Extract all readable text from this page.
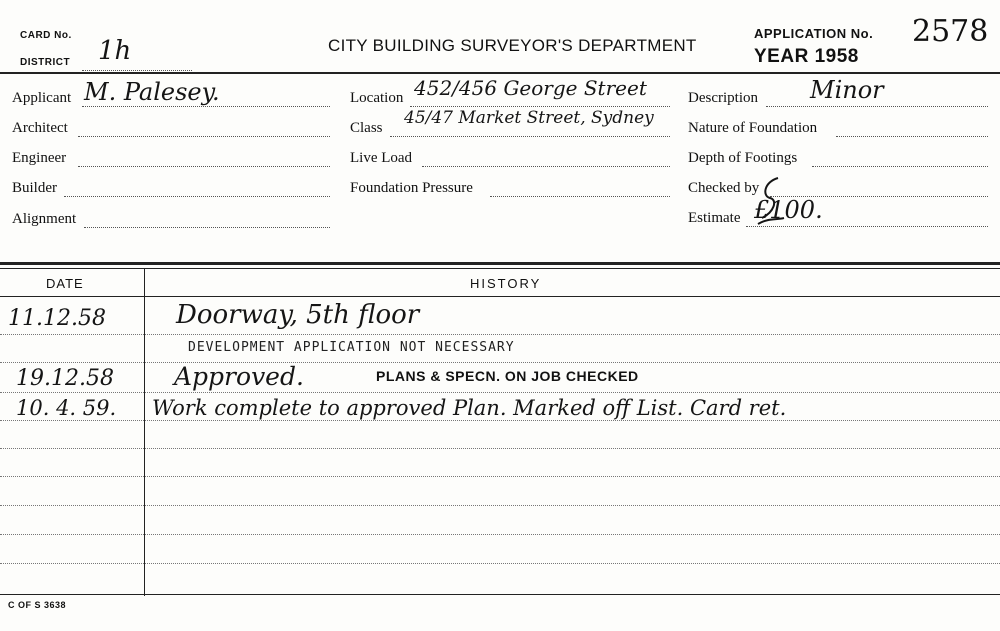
CARD No.
DISTRICT 1h	CITY BUILDING SURVEYOR'S DEPARTMENT
APPLICATION No. 2578
YEAR 1958
Applicant M. Palesey.
Architect
Engineer
Builder
Alignment
Location 452/456 George Street
Class 45/47 Market Street, Sydney
Live Load
Foundation Pressure
Description Minor
Nature of Foundation
Depth of Footings
Checked by
Estimate £100.
DATE	HISTORY
11.12.58	Doorway, 5th floor
DEVELOPMENT APPLICATION NOT NECESSARY
19.12.58 Approved.	PLANS & SPECN. ON JOB CHECKED
10. 4. 59. Work complete to approved Plan. Marked off List. Card ret.
C OF S 3638
